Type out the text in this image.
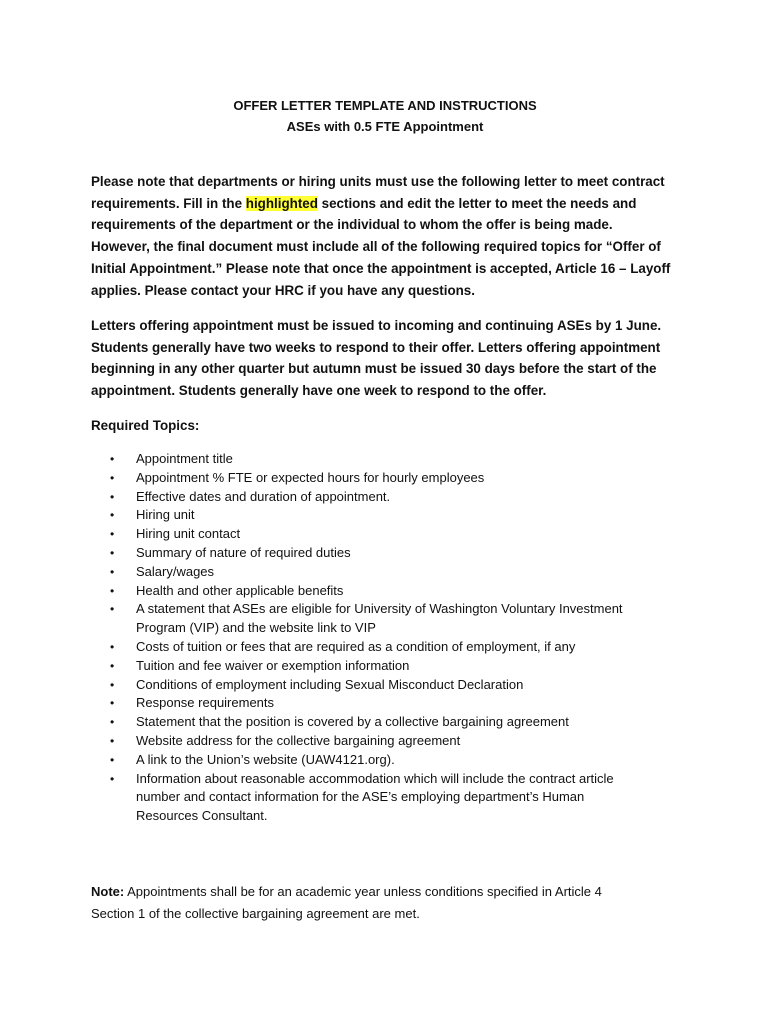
OFFER LETTER TEMPLATE AND INSTRUCTIONS
ASEs with 0.5 FTE Appointment
Please note that departments or hiring units must use the following letter to meet contract
requirements. Fill in the highlighted sections and edit the letter to meet the needs and
requirements of the department or the individual to whom the offer is being made.
However, the final document must include all of the following required topics for “Offer of
Initial Appointment.” Please note that once the appointment is accepted, Article 16 – Layoff
applies. Please contact your HRC if you have any questions.
Letters offering appointment must be issued to incoming and continuing ASEs by 1 June.
Students generally have two weeks to respond to their offer. Letters offering appointment
beginning in any other quarter but autumn must be issued 30 days before the start of the
appointment. Students generally have one week to respond to the offer.
Required Topics:
• Appointment title
• Appointment % FTE or expected hours for hourly employees
• Effective dates and duration of appointment.
• Hiring unit
• Hiring unit contact
• Summary of nature of required duties
• Salary/wages
• Health and other applicable benefits
• A statement that ASEs are eligible for University of Washington Voluntary Investment
Program (VIP) and the website link to VIP
• Costs of tuition or fees that are required as a condition of employment, if any
• Tuition and fee waiver or exemption information
• Conditions of employment including Sexual Misconduct Declaration
• Response requirements
• Statement that the position is covered by a collective bargaining agreement
• Website address for the collective bargaining agreement
• A link to the Union’s website (UAW4121.org).
• Information about reasonable accommodation which will include the contract article
number and contact information for the ASE’s employing department’s Human
Resources Consultant.
Note: Appointments shall be for an academic year unless conditions specified in Article 4
Section 1 of the collective bargaining agreement are met.
